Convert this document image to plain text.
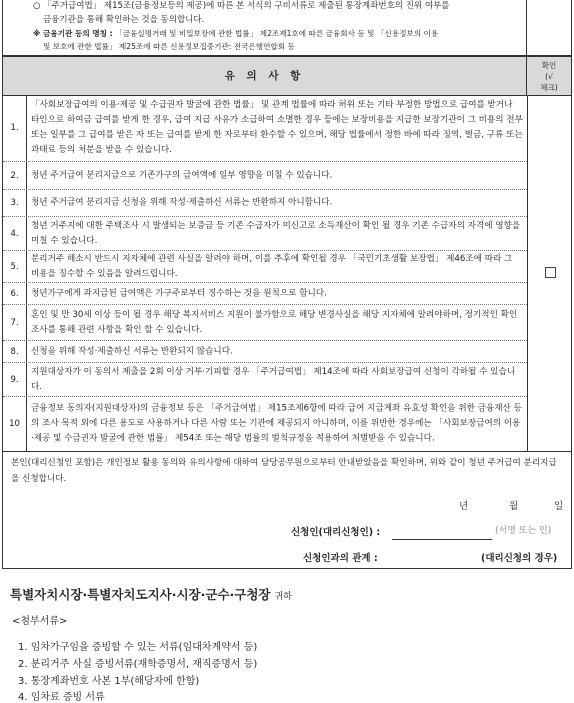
○ 「주거급여법」 제15조(금융정보등의 제공)에 따른 본 서식의 구비서류로 제출된 통장계좌번호의 진위 여부를
금융기관을 통해 확인하는 것을 동의합니다.
※ 금융기관 등의 명칭 : 「금융실명거래 및 비밀보장에 관한 법률」 제2조제1호에 따른 금융회사 등 및 「신용정보의 이용
및 보호에 관한 법률」 제25조에 따른 신용정보집중기관: 전국은행연합회 등
유 의 사 항
확인
(√
체크)
1.
「사회보장급여의 이용·제공 및 수급권자 발굴에 관한 법률」 및 관계 법률에 따라 허위 또는 기타 부정한 방법으로 급여를 받거나 타인으로 하여금 급여를 받게 한 경우, 급여 지급 사유가 소급하여 소멸한 경우 등에는 보장비용을 지급한 보장기관이 그 비용의 전부 또는 일부를 그 급여를 받은 자 또는 급여를 받게 한 자로부터 환수할 수 있으며, 해당 법률에서 정한 바에 따라 징역, 벌금, 구류 또는 과태료 등의 처분을 받을 수 있습니다.
2.	청년 주거급여 분리지급으로 기존가구의 급여액에 일부 영향을 미칠 수 있습니다.
3.	청년 주거급여 분리지급 신청을 위해 작성·제출하신 서류는 반환하지 아니합니다.
4.
청년 거주지에 대한 주택조사 시 발생되는 보증금 등 기존 수급자가 미신고로 소득재산이 확인 될 경우 기존 수급자의 자격에 영향을 미칠 수 있습니다.
5.
분리거주 해소시 반드시 지자체에 관련 사실을 알려야 하며, 이를 추후에 확인될 경우 「국민기초생활 보장법」 제46조에 따라 그 비용을 징수할 수 있음을 알려드립니다.
6.	청년가구에게 과지급된 급여액은 가구주로부터 징수하는 것을 원칙으로 합니다.
7.
혼인 및 만 30세 이상 등이 될 경우 해당 복지서비스 지원이 불가함으로 해당 변경사실을 해당 지자체에 알려야하며, 정기적인 확인조사를 통해 관련 사항을 확인 할 수 있습니다.
8.	신청을 위해 작성·제출하신 서류는 반환되지 않습니다.
9.
지원대상자가 이 동의서 제출을 2회 이상 거부·기피할 경우 「주거급여법」 제14조에 따라 사회보장급여 신청이 각하될 수 있습니다.
10
금융정보 동의자(지원대상자)의 금융정보 등은 「주거급여법」 제15조제6항에 따라 급여 지급계좌 유효성 확인을 위한 금융재산 등의 조사 목적 외에 다른 용도로 사용하거나 다른 사람 또는 기관에 제공되지 아니하며, 이를 위반한 경우에는 「사회보장급여의 이용·제공 및 수급권자 발굴에 관한 법률」 제54조 또는 해당 법률의 벌칙규정을 적용하여 처벌받을 수 있습니다.
본인(대리신청인 포함)은 개인정보 활용 동의와 유의사항에 대하여 담당공무원으로부터 안내받았음을 확인하며, 위와 같이 청년 주거급여 분리지급을 신청합니다.
년	월	일
신청인(대리신청인) :	(서명 또는 인)
신청인과의 관계 :	(대리신청의 경우)
특별자치시장·특별자치도지사·시장·군수·구청장 귀하
<첨부서류>
1. 임차가구임을 증빙할 수 있는 서류(임대차계약서 등)
2. 분리거주 사실 증빙서류(재학증명서, 재직증명서 등)
3. 통장계좌번호 사본 1부(해당자에 한함)
4. 임차료 증빙 서류
